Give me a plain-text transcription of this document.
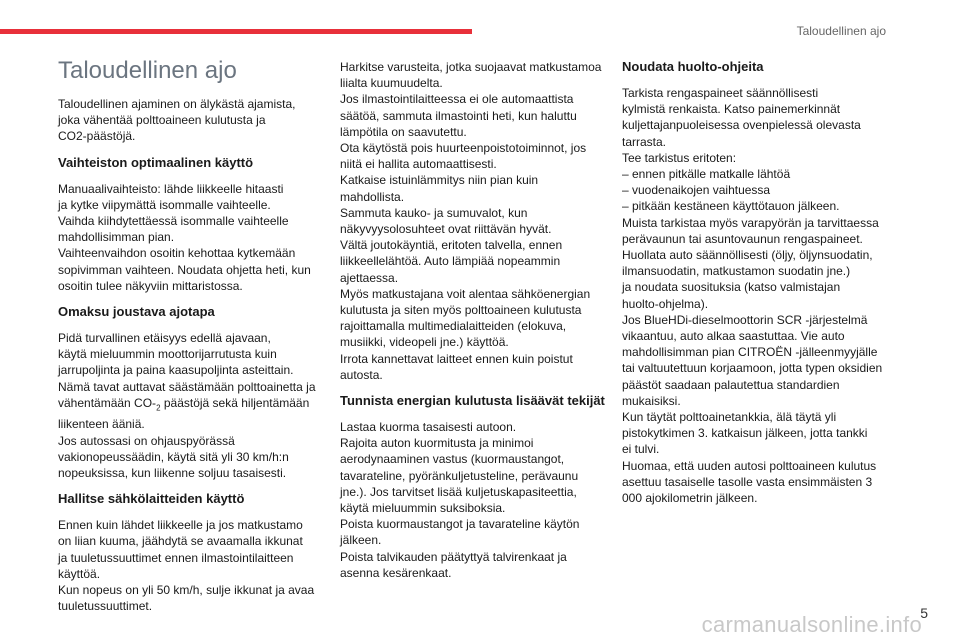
Taloudellinen ajo
Taloudellinen ajo
Taloudellinen ajaminen on älykästä ajamista,
joka vähentää polttoaineen kulutusta ja
CO2-päästöjä.
Vaihteiston optimaalinen käyttö
Manuaalivaihteisto: lähde liikkeelle hitaasti
ja kytke viipymättä isommalle vaihteelle.
Vaihda kiihdytettäessä isommalle vaihteelle
mahdollisimman pian.
Vaihteenvaihdon osoitin kehottaa kytkemään
sopivimman vaihteen. Noudata ohjetta heti, kun
osoitin tulee näkyviin mittaristossa.
Omaksu joustava ajotapa
Pidä turvallinen etäisyys edellä ajavaan,
käytä mieluummin moottorijarrutusta kuin
jarrupoljinta ja paina kaasupoljinta asteittain.
Nämä tavat auttavat säästämään polttoainetta ja
vähentämään $CO-_2$ päästöjä sekä hiljentämään
liikenteen ääniä.
Jos autossasi on ohjauspyörässä
vakionopeussäädin, käytä sitä yli 30 km/h:n
nopeuksissa, kun liikenne soljuu tasaisesti.
Hallitse sähkölaitteiden käyttö
Ennen kuin lähdet liikkeelle ja jos matkustamo
on liian kuuma, jäähdytä se avaamalla ikkunat
ja tuuletussuuttimet ennen ilmastointilaitteen
käyttöä.
Kun nopeus on yli 50 km/h, sulje ikkunat ja avaa
tuuletussuuttimet.
Harkitse varusteita, jotka suojaavat matkustamoa
liialta kuumuudelta.
Jos ilmastointilaitteessa ei ole automaattista
säätöä, sammuta ilmastointi heti, kun haluttu
lämpötila on saavutettu.
Ota käytöstä pois huurteenpoistotoiminnot, jos
niitä ei hallita automaattisesti.
Katkaise istuinlämmitys niin pian kuin
mahdollista.
Sammuta kauko- ja sumuvalot, kun
näkyvyysolosuhteet ovat riittävän hyvät.
Vältä joutokäyntiä, eritoten talvella, ennen
liikkeellelähtöä. Auto lämpiää nopeammin
ajettaessa.
Myös matkustajana voit alentaa sähköenergian
kulutusta ja siten myös polttoaineen kulutusta
rajoittamalla multimedialaitteiden (elokuva,
musiikki, videopeli jne.) käyttöä.
Irrota kannettavat laitteet ennen kuin poistut
autosta.
Tunnista energian kulutusta lisäävät tekijät
Lastaa kuorma tasaisesti autoon.
Rajoita auton kuormitusta ja minimoi
aerodynaaminen vastus (kuormaustangot,
tavarateline, pyöränkuljetusteline, perävaunu
jne.). Jos tarvitset lisää kuljetuskapasiteettia,
käytä mieluummin suksiboksia.
Poista kuormaustangot ja tavarateline käytön
jälkeen.
Poista talvikauden päätyttyä talvirenkaat ja
asenna kesärenkaat.
Noudata huolto-ohjeita
Tarkista rengaspaineet säännöllisesti
kylmistä renkaista. Katso painemerkinnät
kuljettajanpuoleisessa ovenpielessä olevasta
tarrasta.
Tee tarkistus eritoten:
– ennen pitkälle matkalle lähtöä
– vuodenaikojen vaihtuessa
– pitkään kestäneen käyttötauon jälkeen.
Muista tarkistaa myös varapyörän ja tarvittaessa
perävaunun tai asuntovaunun rengaspaineet.
Huollata auto säännöllisesti (öljy, öljynsuodatin,
ilmansuodatin, matkustamon suodatin jne.)
ja noudata suosituksia (katso valmistajan
huolto-ohjelma).
Jos BlueHDi-dieselmoottorin SCR -järjestelmä
vikaantuu, auto alkaa saastuttaa. Vie auto
mahdollisimman pian CITROËN -jälleenmyyjälle
tai valtuutettuun korjaamoon, jotta typen oksidien
päästöt saadaan palautettua standardien
mukaisiksi.
Kun täytät polttoainetankkia, älä täytä yli
pistokytkimen 3. katkaisun jälkeen, jotta tankki
ei tulvi.
Huomaa, että uuden autosi polttoaineen kulutus
asettuu tasaiselle tasolle vasta ensimmäisten 3
000 ajokilometrin jälkeen.
5
carmanualsonline.info
